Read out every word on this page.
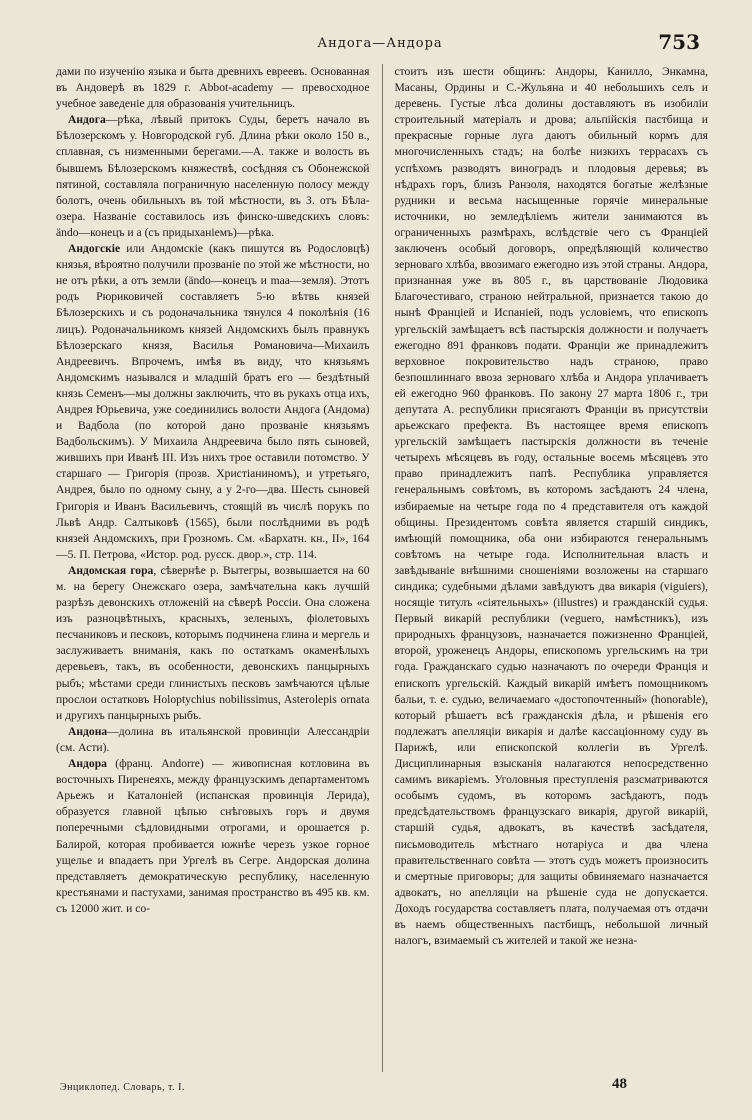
Андога—Андора	753

дами по изученію языка и быта древнихъ евреевъ. Основанная въ Андоверѣ въ 1829 г. Abbot-academy — превосходное учебное заведеніе для образованія учительницъ.

Андога—рѣка, лѣвый притокъ Суды, беретъ начало въ Бѣлозерскомъ у. Новгородской губ. Длина рѣки около 150 в., сплавная, съ низменными берегами.—А. также и волость въ бывшемъ Бѣлозерскомъ княжествѣ, сосѣдняя съ Обонежской пятиной, составляла пограничную населенную полосу между болотъ, очень обильныхъ въ той мѣстности, въ З. отъ Бѣла-озера. Названіе составилось изъ финско-шведскихъ словъ: ändo—конецъ и а (съ придыханіемъ)—рѣка.

Андогскіе или Андомскіе (какъ пишутся въ Родословцѣ) князья, вѣроятно получили прозваніе по этой же мѣстности, но не отъ рѣки, а отъ земли (ändo—конецъ и maa—земля). Этотъ родъ Рюриковичей составляетъ 5-ю вѣтвь князей Бѣлозерскихъ и съ родоначальника тянулся 4 поколѣнія (16 лицъ). Родоначальникомъ князей Андомскихъ былъ правнукъ Бѣлозерскаго князя, Василья Романовича—Михаилъ Андреевичъ. Впрочемъ, имѣя въ виду, что князьямъ Андомскимъ назывался и младшій братъ его — бездѣтный князь Семенъ—мы должны заключить, что въ рукахъ отца ихъ, Андрея Юрьевича, уже соединились волости Андога (Андома) и Вадбола (по которой дано прозваніе князьямъ Вадбольскимъ). У Михаила Андреевича было пять сыновей, жившихъ при Иванѣ III. Изъ нихъ трое оставили потомство. У старшаго — Григорія (прозв. Христіаниномъ), и утретьяго, Андрея, было по одному сыну, а у 2-го—два. Шесть сыновей Григорія и Иванъ Васильевичъ, стоящій въ числѣ порукъ по Львѣ Андр. Салтыковѣ (1565), были послѣдними въ родѣ князей Андомскихъ, при Грозномъ. См. «Бархатн. кн., II», 164—5. П. Петрова, «Истор. род. русск. двор.», стр. 114.

Андомская гора, сѣвернѣе р. Вытегры, возвышается на 60 м. на берегу Онежскаго озера, замѣчательна какъ лучшій разрѣзъ девонскихъ отложеній на сѣверѣ Россіи. Она сложена изъ разноцвѣтныхъ, красныхъ, зеленыхъ, фіолетовыхъ песчаниковъ и песковъ, которымъ подчинена глина и мергель и заслуживаетъ вниманія, какъ по остаткамъ окаменѣлыхъ деревьевъ, такъ, въ особенности, девонскихъ панцырныхъ рыбъ; мѣстами среди глинистыхъ песковъ замѣчаются цѣлые прослои остатковъ Holoptychius nobilissimus, Asterolepis ornata и другихъ панцырныхъ рыбъ.

Андона—долина въ итальянской провинціи Алессандріи (см. Асти).

Андора (франц. Andorre) — живописная котловина въ восточныхъ Пиренеяхъ, между французскимъ департаментомъ Арьежъ и Каталоніей (испанская провинція Лерида), образуется главной цѣпью снѣговыхъ горъ и двумя поперечными сѣдловидными отрогами, и орошается р. Балирой, которая пробивается южнѣе черезъ узкое горное ущелье и впадаетъ при Ургелѣ въ Сегре. Андорская долина представляетъ демократическую республику, населенную крестьянами и пастухами, занимая пространство въ 495 кв. км. съ 12000 жит. и со-

стоитъ изъ шести общинъ: Андоры, Канилло, Энкамна, Масаны, Ордины и С.-Жульяна и 40 небольшихъ селъ и деревень. Густые лѣса долины доставляютъ въ изобиліи строительный матеріалъ и дрова; альпійскія пастбища и прекрасные горные луга даютъ обильный кормъ для многочисленныхъ стадъ; на болѣе низкихъ террасахъ съ успѣхомъ разводятъ виноградъ и плодовыя деревья; въ нѣдрахъ горъ, близъ Ранзоля, находятся богатые желѣзные рудники и весьма насыщенные горячіе минеральные источники, но земледѣліемъ жители занимаются въ ограниченныхъ размѣрахъ, вслѣдствіе чего съ Франціей заключенъ особый договоръ, опредѣляющій количество зерноваго хлѣба, ввозимаго ежегодно изъ этой страны. Андора, признанная уже въ 805 г., въ царствованіе Людовика Благочестиваго, страною нейтральной, признается такою до нынѣ Франціей и Испаніей, подъ условіемъ, что епископъ ургельскій замѣщаетъ всѣ пастырскія должности и получаетъ ежегодно 891 франковъ подати. Франціи же принадлежитъ верховное покровительство надъ страною, право безпошлиннаго ввоза зерноваго хлѣба и Андора уплачиваетъ ей ежегодно 960 франковъ. По закону 27 марта 1806 г., три депутата А. республики присягаютъ Франціи въ присутствіи арьежскаго префекта. Въ настоящее время епископъ ургельскій замѣщаетъ пастырскія должности въ теченіе четырехъ мѣсяцевъ въ году, остальные восемь мѣсяцевъ это право принадлежитъ папѣ. Республика управляется генеральнымъ совѣтомъ, въ которомъ засѣдаютъ 24 члена, избираемые на четыре года по 4 представителя отъ каждой общины. Президентомъ совѣта является старшій синдикъ, имѣющій помощника, оба они избираются генеральнымъ совѣтомъ на четыре года. Исполнительная власть и завѣдываніе внѣшними сношеніями возложены на старшаго синдика; судебными дѣлами завѣдуютъ два викарія (viguiers), носящіе титулъ «сіятельныхъ» (illustres) и гражданскій судья. Первый викарій республики (veguero, намѣстникъ), изъ природныхъ французовъ, назначается пожизненно Франціей, второй, уроженецъ Андоры, епископомъ ургельскимъ на три года. Гражданскаго судью назначаютъ по очереди Франція и епископъ ургельскій. Каждый викарій имѣетъ помощникомъ бальи, т. е. судью, величаемаго «достопочтенный» (honorable), который рѣшаетъ всѣ гражданскія дѣла, и рѣшенія его подлежатъ апелляціи викарія и далѣе кассаціонному суду въ Парижѣ, или епископской коллегіи въ Ургелѣ. Дисциплинарныя взысканія налагаются непосредственно самимъ викаріемъ. Уголовныя преступленія разсматриваются особымъ судомъ, въ которомъ засѣдаютъ, подъ предсѣдательствомъ французскаго викарія, другой викарій, старшій судья, адвокатъ, въ качествѣ засѣдателя, письмоводитель мѣстнаго нотаріуса и два члена правительственнаго совѣта — этотъ судъ можетъ произносить и смертные приговоры; для защиты обвиняемаго назначается адвокатъ, но апелляціи на рѣшеніе суда не допускается. Доходъ государства составляетъ плата, получаемая отъ отдачи въ наемъ общественныхъ пастбищъ, небольшой личный налогъ, взимаемый съ жителей и такой же незна-

Энциклопед. Словарь, т. I.	48
